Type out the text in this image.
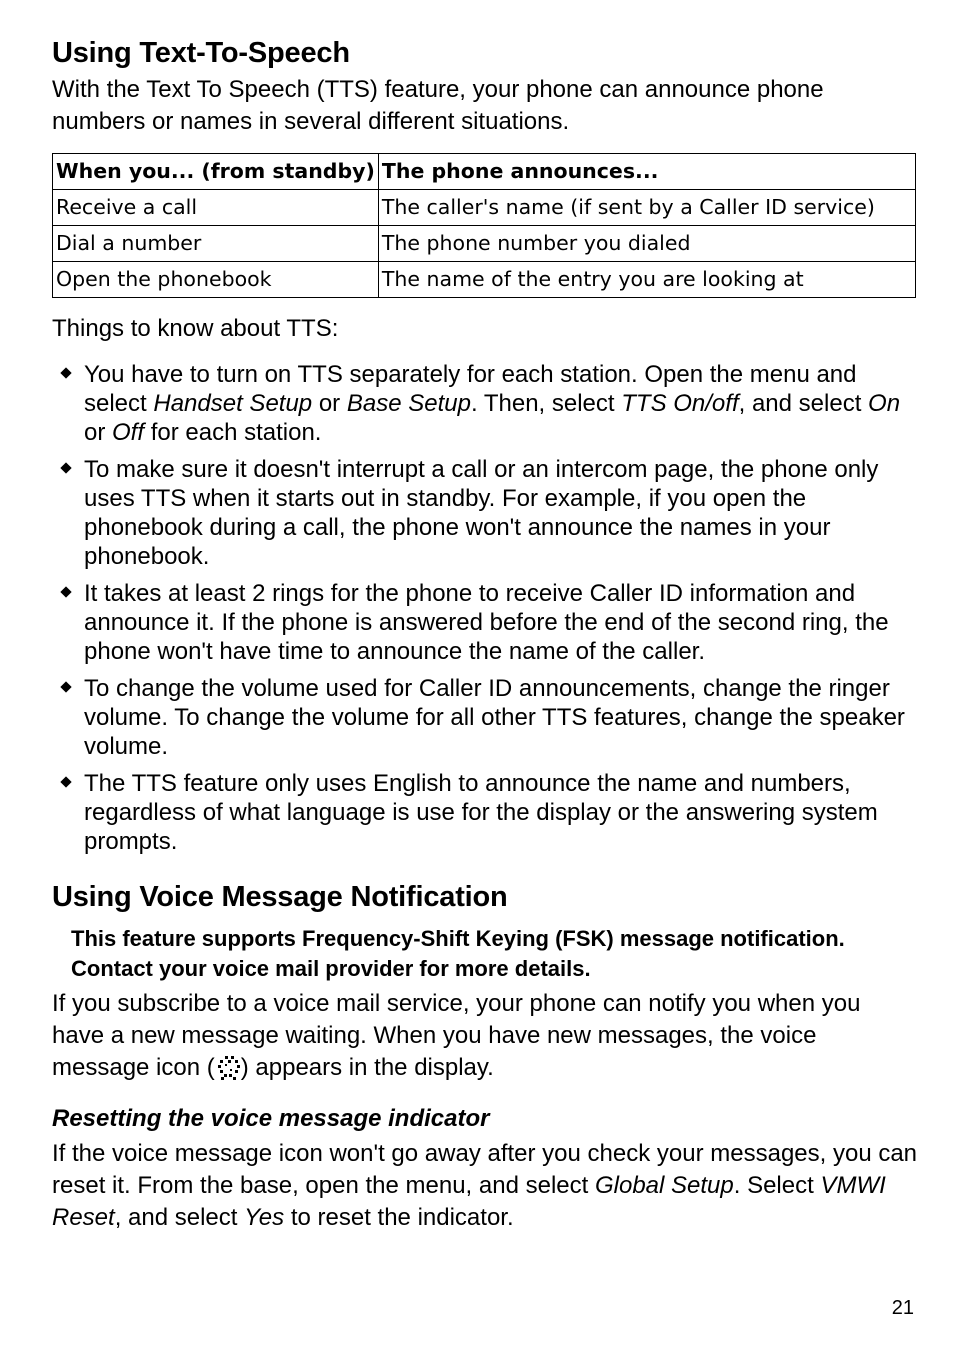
Using Text-To-Speech

With the Text To Speech (TTS) feature, your phone can announce phone numbers or names in several different situations.

When you... (from standby)	The phone announces...
Receive a call	The caller's name (if sent by a Caller ID service)
Dial a number	The phone number you dialed
Open the phonebook	The name of the entry you are looking at

Things to know about TTS:

You have to turn on TTS separately for each station. Open the menu and select Handset Setup or Base Setup. Then, select TTS On/off, and select On or Off for each station.
To make sure it doesn't interrupt a call or an intercom page, the phone only uses TTS when it starts out in standby. For example, if you open the phonebook during a call, the phone won't announce the names in your phonebook.
It takes at least 2 rings for the phone to receive Caller ID information and announce it. If the phone is answered before the end of the second ring, the phone won't have time to announce the name of the caller.
To change the volume used for Caller ID announcements, change the ringer volume. To change the volume for all other TTS features, change the speaker volume.
The TTS feature only uses English to announce the name and numbers, regardless of what language is use for the display or the answering system prompts.
Using Voice Message Notification

This feature supports Frequency-Shift Keying (FSK) message notification. Contact your voice mail provider for more details.

If you subscribe to a voice mail service, your phone can notify you when you have a new message waiting. When you have new messages, the voice message icon ( ) appears in the display.

Resetting the voice message indicator

If the voice message icon won't go away after you check your messages, you can reset it. From the base, open the menu, and select Global Setup. Select VMWI Reset, and select Yes to reset the indicator.

21
